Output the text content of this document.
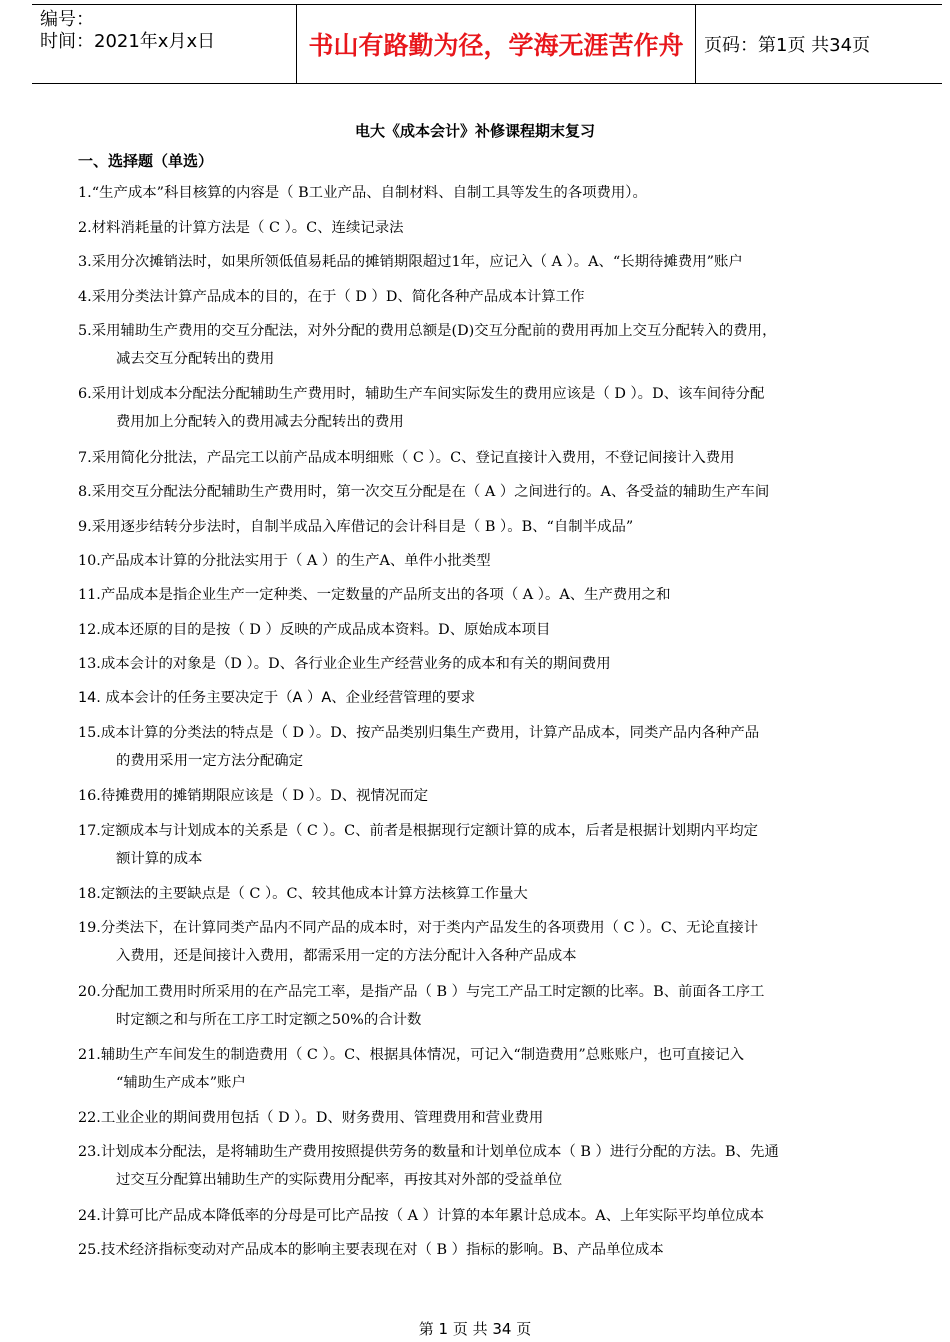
编号：
时间：2021年x月x日	书山有路勤为径，学海无涯苦作舟	页码：第1页 共34页
电大《成本会计》补修课程期末复习
一、选择题（单选）
1.“生产成本”科目核算的内容是（ B工业产品、自制材料、自制工具等发生的各项费用）。
2.材料消耗量的计算方法是（ C ）。C、连续记录法
3.采用分次摊销法时，如果所领低值易耗品的摊销期限超过1年，应记入（ A ）。A、“长期待摊费用”账户
4.采用分类法计算产品成本的目的，在于（ D ）D、简化各种产品成本计算工作
5.采用辅助生产费用的交互分配法，对外分配的费用总额是(D)交互分配前的费用再加上交互分配转入的费用，
减去交互分配转出的费用
6.采用计划成本分配法分配辅助生产费用时，辅助生产车间实际发生的费用应该是（ D ）。D、该车间待分配
费用加上分配转入的费用减去分配转出的费用
7.采用简化分批法，产品完工以前产品成本明细账（ C ）。C、登记直接计入费用，不登记间接计入费用
8.采用交互分配法分配辅助生产费用时，第一次交互分配是在（ A ）之间进行的。A、各受益的辅助生产车间
9.采用逐步结转分步法时，自制半成品入库借记的会计科目是（ B ）。B、“自制半成品”
10.产品成本计算的分批法实用于（ A ）的生产A、单件小批类型
11.产品成本是指企业生产一定种类、一定数量的产品所支出的各项（ A ）。A、生产费用之和
12.成本还原的目的是按（ D ）反映的产成品成本资料。D、原始成本项目
13.成本会计的对象是（D ）。D、各行业企业生产经营业务的成本和有关的期间费用
14. 成本会计的任务主要决定于（A ）A、企业经营管理的要求
15.成本计算的分类法的特点是（ D ）。D、按产品类别归集生产费用，计算产品成本，同类产品内各种产品
的费用采用一定方法分配确定
16.待摊费用的摊销期限应该是（ D ）。D、视情况而定
17.定额成本与计划成本的关系是（ C ）。C、前者是根据现行定额计算的成本，后者是根据计划期内平均定
额计算的成本
18.定额法的主要缺点是（ C ）。C、较其他成本计算方法核算工作量大
19.分类法下，在计算同类产品内不同产品的成本时，对于类内产品发生的各项费用（ C ）。C、无论直接计
入费用，还是间接计入费用，都需采用一定的方法分配计入各种产品成本
20.分配加工费用时所采用的在产品完工率，是指产品（ B ）与完工产品工时定额的比率。B、前面各工序工
时定额之和与所在工序工时定额之50%的合计数
21.辅助生产车间发生的制造费用（ C ）。C、根据具体情况，可记入“制造费用”总账账户，也可直接记入
“辅助生产成本”账户
22.工业企业的期间费用包括（ D ）。D、财务费用、管理费用和营业费用
23.计划成本分配法，是将辅助生产费用按照提供劳务的数量和计划单位成本（ B ）进行分配的方法。B、先通
过交互分配算出辅助生产的实际费用分配率，再按其对外部的受益单位
24.计算可比产品成本降低率的分母是可比产品按（ A ）计算的本年累计总成本。A、上年实际平均单位成本
25.技术经济指标变动对产品成本的影响主要表现在对（ B ）指标的影响。B、产品单位成本
第 1 页 共 34 页
